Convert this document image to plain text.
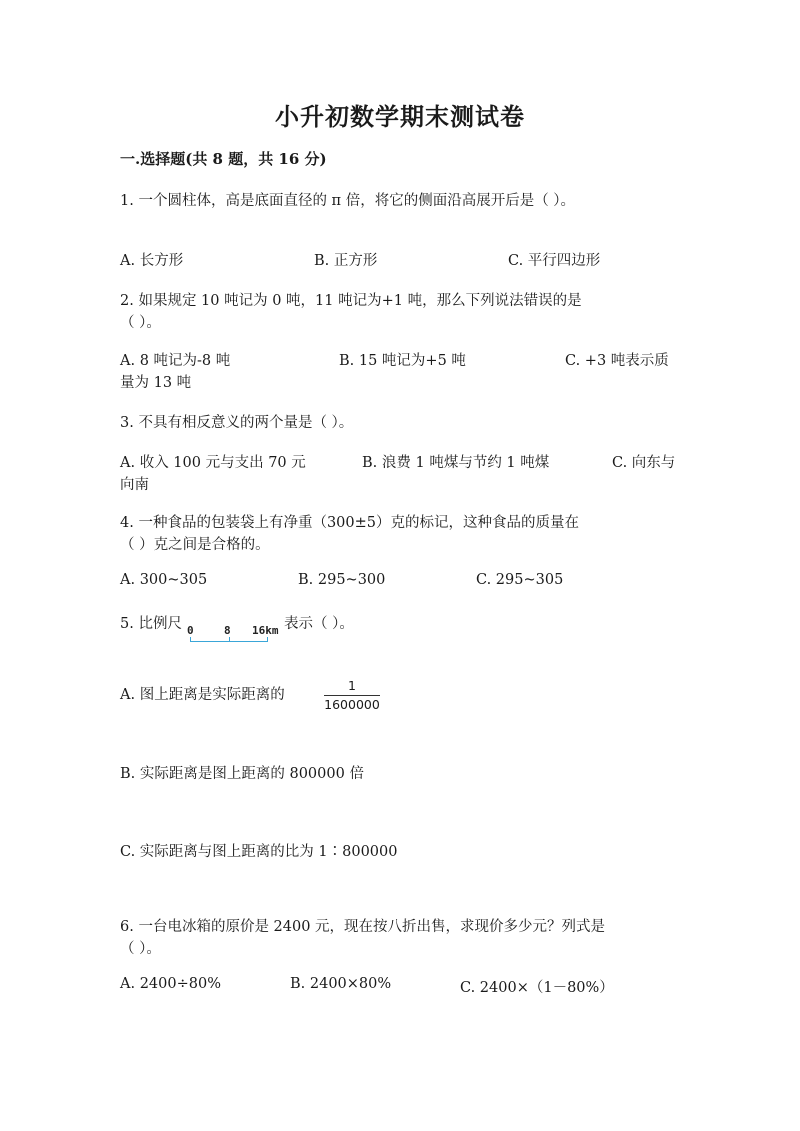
小升初数学期末测试卷
一.选择题(共 8 题，共 16 分)
1. 一个圆柱体，高是底面直径的 π 倍，将它的侧面沿高展开后是（ ）。
A. 长方形	B. 正方形	C. 平行四边形
2. 如果规定 10 吨记为 0 吨，11 吨记为+1 吨，那么下列说法错误的是
（ ）。
A. 8 吨记为-8 吨	B. 15 吨记为+5 吨	C. +3 吨表示质
量为 13 吨
3. 不具有相反意义的两个量是（ ）。
A. 收入 100 元与支出 70 元	B. 浪费 1 吨煤与节约 1 吨煤	C. 向东与
向南
4. 一种食品的包装袋上有净重（300±5）克的标记，这种食品的质量在
（ ）克之间是合格的。
A. 300~305	B. 295~300	C. 295~305
5. 比例尺 0	8 16km 表示（ ）。
A. 图上距离是实际距离的
1
1600000
B. 实际距离是图上距离的 800000 倍
C. 实际距离与图上距离的比为 1∶800000
6. 一台电冰箱的原价是 2400 元，现在按八折出售，求现价多少元？列式是
（ ）。
A. 2400÷80%	B. 2400×80%	C. 2400×（1－80%）
